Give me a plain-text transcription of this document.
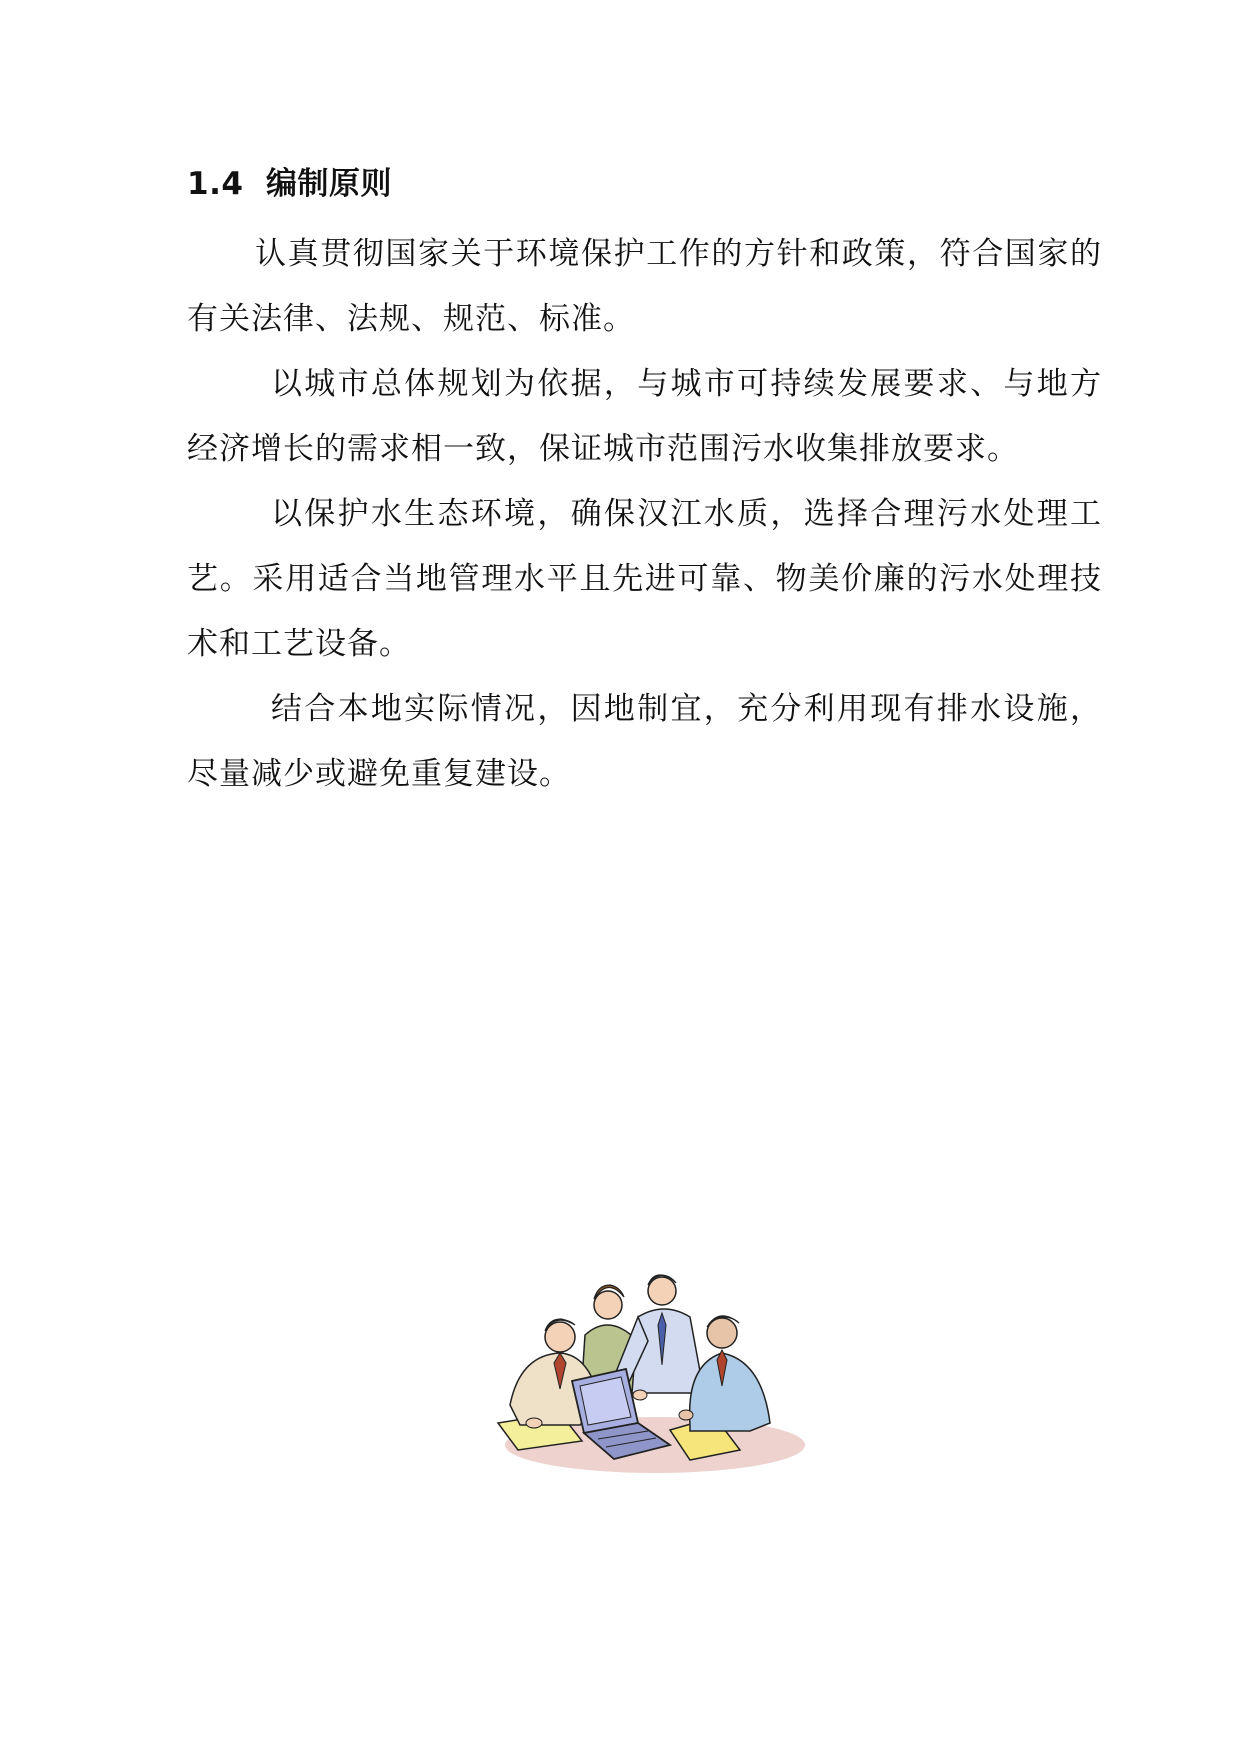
1.4 编制原则

认真贯彻国家关于环境保护工作的方针和政策，符合国家的有关法律、法规、规范、标准。

以城市总体规划为依据，与城市可持续发展要求、与地方经济增长的需求相一致，保证城市范围污水收集排放要求。

以保护水生态环境，确保汉江水质，选择合理污水处理工艺。采用适合当地管理水平且先进可靠、物美价廉的污水处理技术和工艺设备。

结合本地实际情况，因地制宜，充分利用现有排水设施，尽量减少或避免重复建设。
